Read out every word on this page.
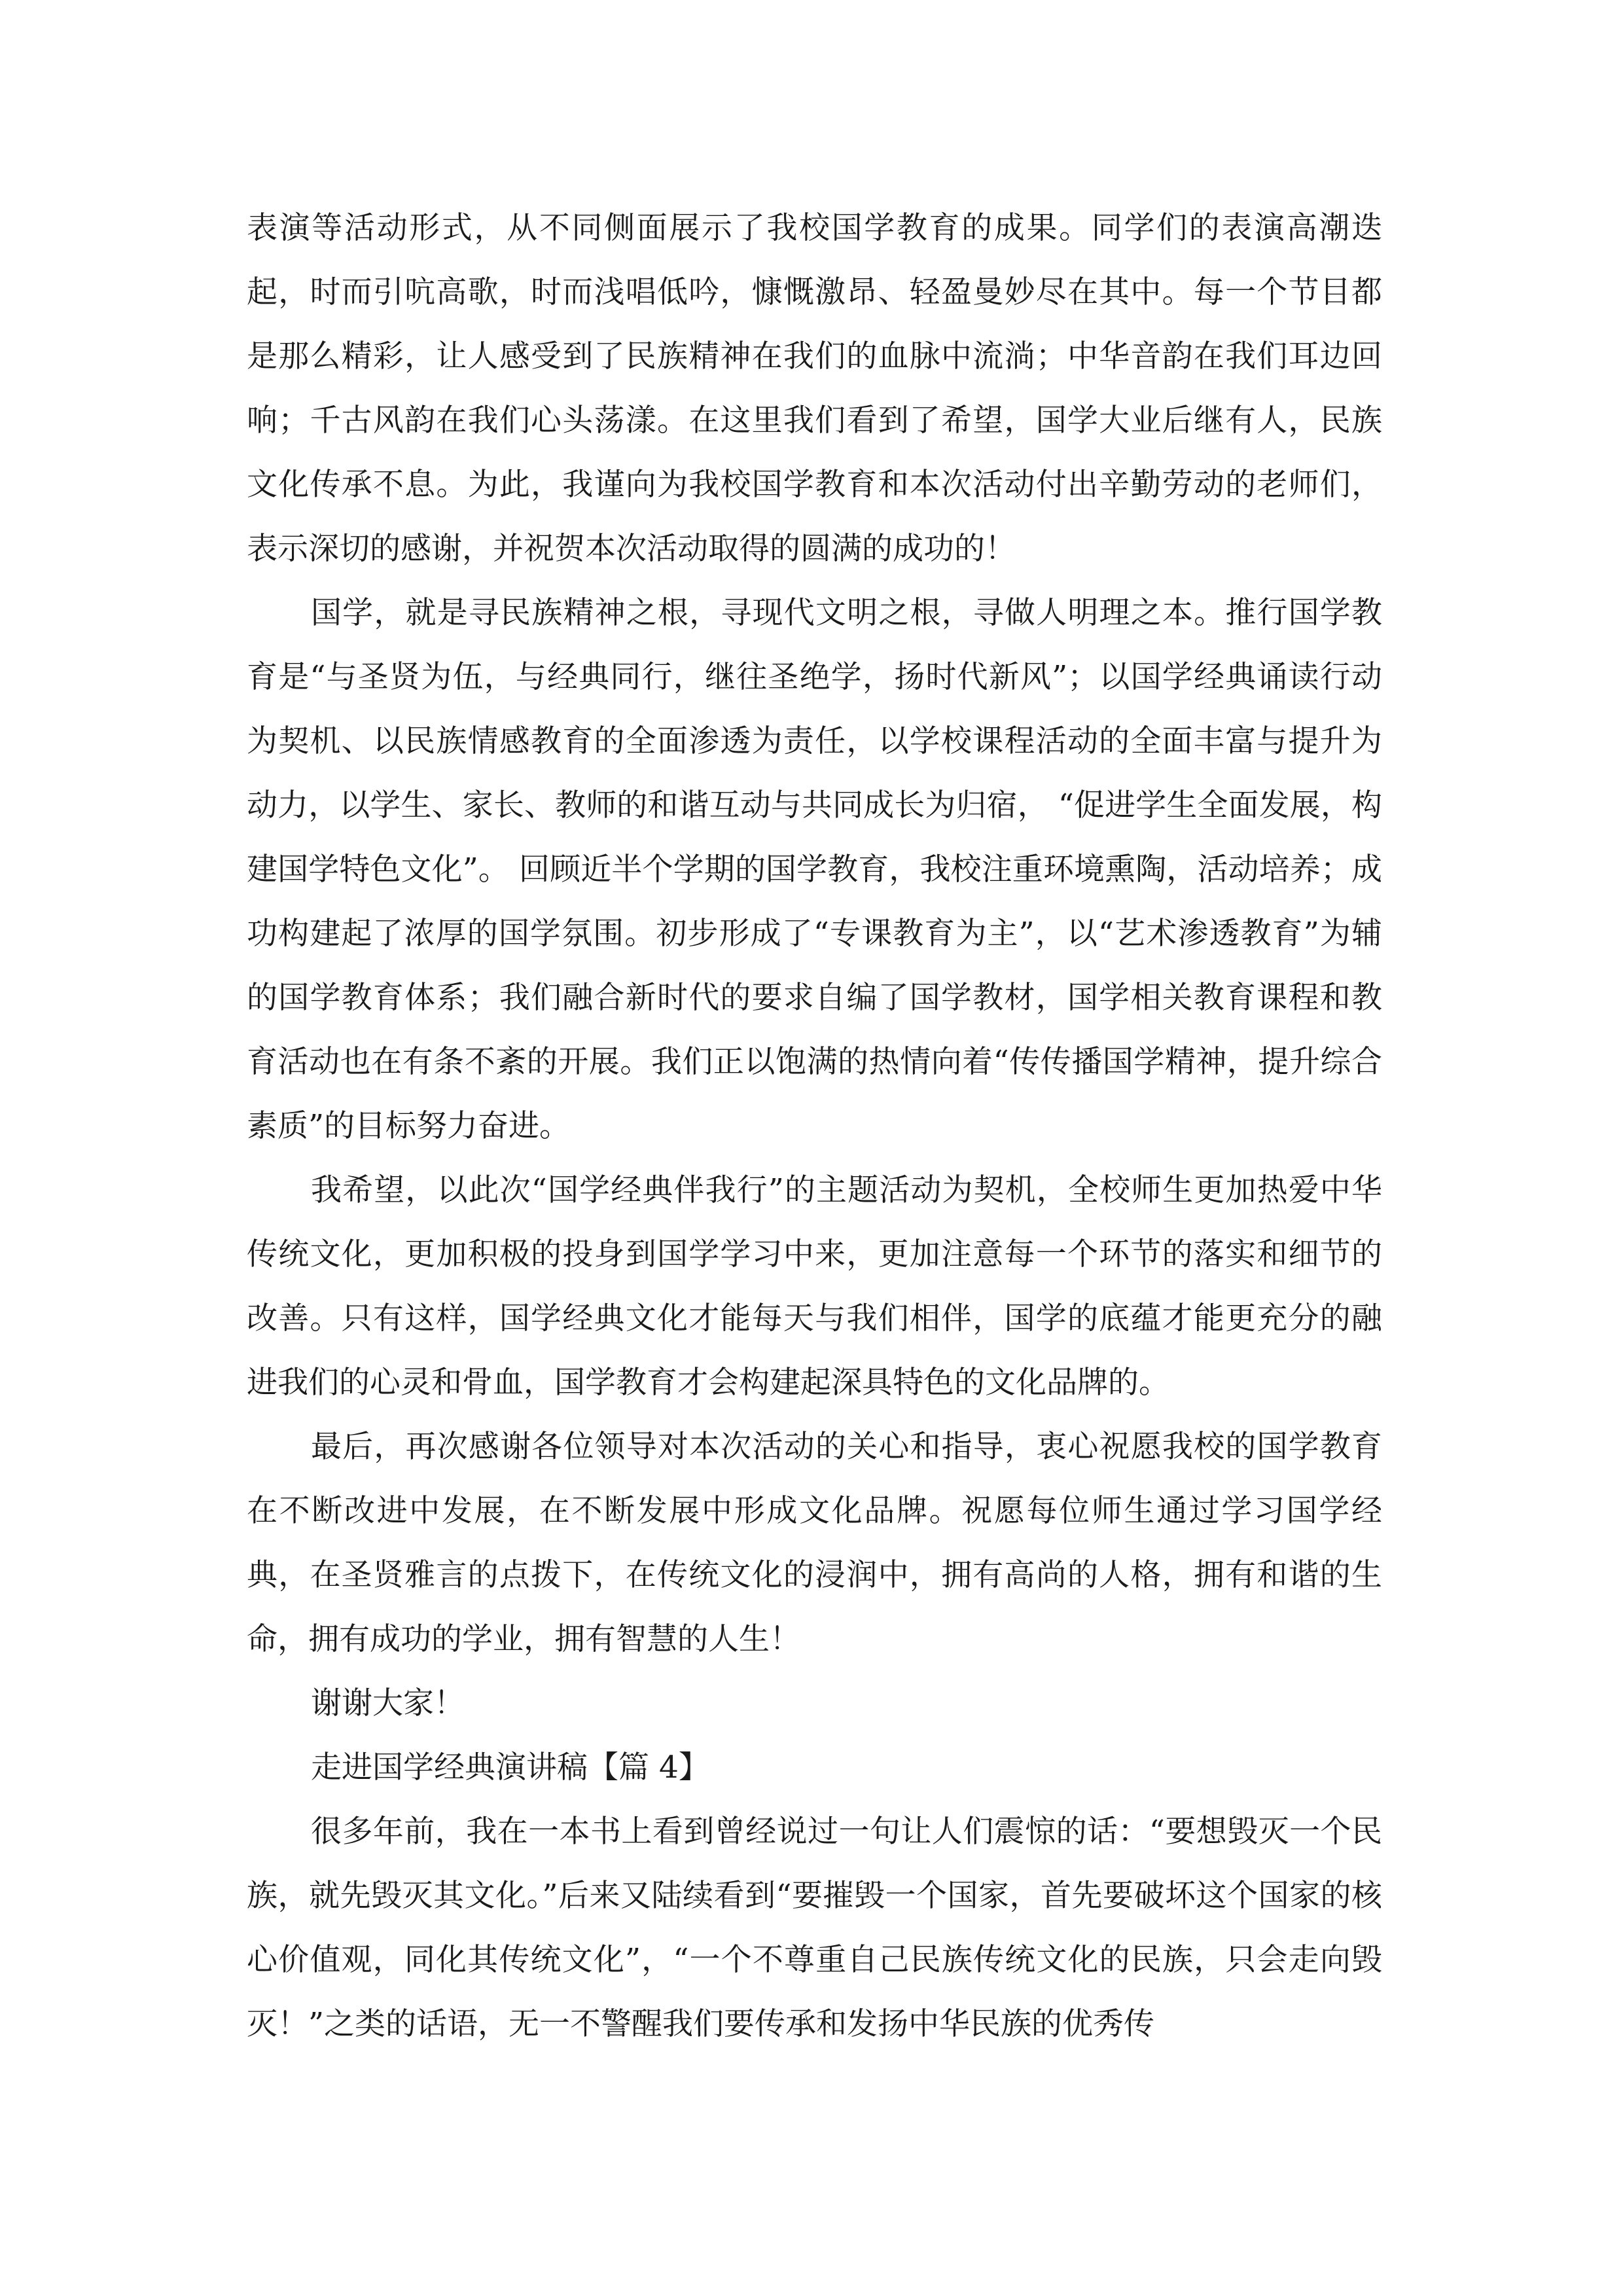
表演等活动形式，从不同侧面展示了我校国学教育的成果。同学们的表演高潮迭起，时而引吭高歌，时而浅唱低吟，慷慨激昂、轻盈曼妙尽在其中。每一个节目都是那么精彩，让人感受到了民族精神在我们的血脉中流淌；中华音韵在我们耳边回响；千古风韵在我们心头荡漾。在这里我们看到了希望，国学大业后继有人，民族文化传承不息。为此，我谨向为我校国学教育和本次活动付出辛勤劳动的老师们，表示深切的感谢，并祝贺本次活动取得的圆满的成功的！

国学，就是寻民族精神之根，寻现代文明之根，寻做人明理之本。推行国学教育是“与圣贤为伍，与经典同行，继往圣绝学，扬时代新风”；以国学经典诵读行动为契机、以民族情感教育的全面渗透为责任，以学校课程活动的全面丰富与提升为动力，以学生、家长、教师的和谐互动与共同成长为归宿， “促进学生全面发展，构建国学特色文化”。 回顾近半个学期的国学教育，我校注重环境熏陶，活动培养；成功构建起了浓厚的国学氛围。初步形成了“专课教育为主”，以“艺术渗透教育”为辅的国学教育体系；我们融合新时代的要求自编了国学教材，国学相关教育课程和教育活动也在有条不紊的开展。我们正以饱满的热情向着“传传播国学精神，提升综合素质”的目标努力奋进。

我希望，以此次“国学经典伴我行”的主题活动为契机，全校师生更加热爱中华传统文化，更加积极的投身到国学学习中来，更加注意每一个环节的落实和细节的改善。只有这样，国学经典文化才能每天与我们相伴，国学的底蕴才能更充分的融进我们的心灵和骨血，国学教育才会构建起深具特色的文化品牌的。

最后，再次感谢各位领导对本次活动的关心和指导，衷心祝愿我校的国学教育在不断改进中发展，在不断发展中形成文化品牌。祝愿每位师生通过学习国学经典，在圣贤雅言的点拨下，在传统文化的浸润中，拥有高尚的人格，拥有和谐的生命，拥有成功的学业，拥有智慧的人生！

谢谢大家！

走进国学经典演讲稿【篇 4】

很多年前，我在一本书上看到曾经说过一句让人们震惊的话：“要想毁灭一个民族，就先毁灭其文化。”后来又陆续看到“要摧毁一个国家，首先要破坏这个国家的核心价值观，同化其传统文化”，“一个不尊重自己民族传统文化的民族，只会走向毁灭！”之类的话语，无一不警醒我们要传承和发扬中华民族的优秀传
